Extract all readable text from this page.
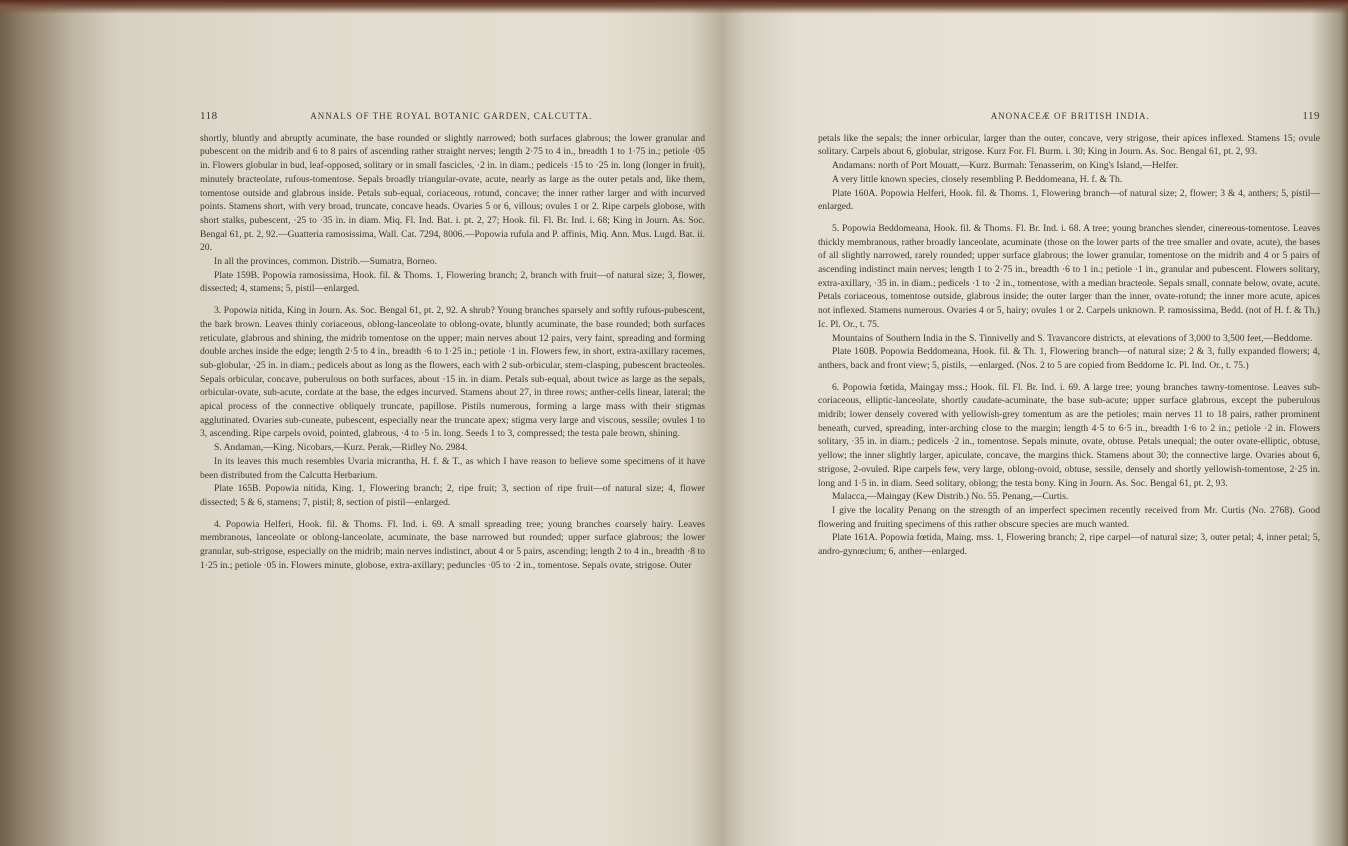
118	ANNALS OF THE ROYAL BOTANIC GARDEN, CALCUTTA.

shortly, bluntly and abruptly acuminate, the base rounded or slightly narrowed; both surfaces glabrous; the lower granular and pubescent on the midrib and 6 to 8 pairs of ascending rather straight nerves; length 2·75 to 4 in., breadth 1 to 1·75 in.; petiole ·05 in. Flowers globular in bud, leaf-opposed, solitary or in small fascicles, ·2 in. in diam.; pedicels ·15 to ·25 in. long (longer in fruit), minutely bracteolate, rufous-tomentose. Sepals broadly triangular-ovate, acute, nearly as large as the outer petals and, like them, tomentose outside and glabrous inside. Petals sub-equal, coriaceous, rotund, concave; the inner rather larger and with incurved points. Stamens short, with very broad, truncate, concave heads. Ovaries 5 or 6, villous; ovules 1 or 2. Ripe carpels globose, with short stalks, pubescent, ·25 to ·35 in. in diam. Miq. Fl. Ind. Bat. i. pt. 2, 27; Hook. fil. Fl. Br. Ind. i. 68; King in Journ. As. Soc. Bengal 61, pt. 2, 92.—Guatteria ramosissima, Wall. Cat. 7294, 8006.—Popowia rufula and P. affinis, Miq. Ann. Mus. Lugd. Bat. ii. 20.

In all the provinces, common. Distrib.—Sumatra, Borneo.

Plate 159B. Popowia ramosissima, Hook. fil. & Thoms. 1, Flowering branch; 2, branch with fruit—of natural size; 3, flower, dissected; 4, stamens; 5, pistil—enlarged.

3. Popowia nitida, King in Journ. As. Soc. Bengal 61, pt. 2, 92. A shrub? Young branches sparsely and softly rufous-pubescent, the bark brown. Leaves thinly coriaceous, oblong-lanceolate to oblong-ovate, bluntly acuminate, the base rounded; both surfaces reticulate, glabrous and shining, the midrib tomentose on the upper; main nerves about 12 pairs, very faint, spreading and forming double arches inside the edge; length 2·5 to 4 in., breadth ·6 to 1·25 in.; petiole ·1 in. Flowers few, in short, extra-axillary racemes, sub-globular, ·25 in. in diam.; pedicels about as long as the flowers, each with 2 sub-orbicular, stem-clasping, pubescent bracteoles. Sepals orbicular, concave, puberulous on both surfaces, about ·15 in. in diam. Petals sub-equal, about twice as large as the sepals, orbicular-ovate, sub-acute, cordate at the base, the edges incurved. Stamens about 27, in three rows; anther-cells linear, lateral; the apical process of the connective obliquely truncate, papillose. Pistils numerous, forming a large mass with their stigmas agglutinated. Ovaries sub-cuneate, pubescent, especially near the truncate apex; stigma very large and viscous, sessile; ovules 1 to 3, ascending. Ripe carpels ovoid, pointed, glabrous, ·4 to ·5 in. long. Seeds 1 to 3, compressed; the testa pale brown, shining.

S. Andaman,—King. Nicobars,—Kurz. Perak,—Ridley No. 2984.

In its leaves this much resembles Uvaria micrantha, H. f. & T., as which I have reason to believe some specimens of it have been distributed from the Calcutta Herbarium.

Plate 165B. Popowia nitida, King. 1, Flowering branch; 2, ripe fruit; 3, section of ripe fruit—of natural size; 4, flower dissected; 5 & 6, stamens; 7, pistil; 8, section of pistil—enlarged.

4. Popowia Helferi, Hook. fil. & Thoms. Fl. Ind. i. 69. A small spreading tree; young branches coarsely hairy. Leaves membranous, lanceolate or oblong-lanceolate, acuminate, the base narrowed but rounded; upper surface glabrous; the lower granular, sub-strigose, especially on the midrib; main nerves indistinct, about 4 or 5 pairs, ascending; length 2 to 4 in., breadth ·8 to 1·25 in.; petiole ·05 in. Flowers minute, globose, extra-axillary; peduncles ·05 to ·2 in., tomentose. Sepals ovate, strigose. Outer

ANONACEÆ OF BRITISH INDIA.	119

petals like the sepals; the inner orbicular, larger than the outer, concave, very strigose, their apices inflexed. Stamens 15; ovule solitary. Carpels about 6, globular, strigose. Kurz For. Fl. Burm. i. 30; King in Journ. As. Soc. Bengal 61, pt. 2, 93.

Andamans: north of Port Mouatt,—Kurz. Burmah: Tenasserim, on King's Island,—Helfer.

A very little known species, closely resembling P. Beddomeana, H. f. & Th.

Plate 160A. Popowia Helferi, Hook. fil. & Thoms. 1, Flowering branch—of natural size; 2, flower; 3 & 4, anthers; 5, pistil—enlarged.

5. Popowia Beddomeana, Hook. fil. & Thoms. Fl. Br. Ind. i. 68. A tree; young branches slender, cinereous-tomentose. Leaves thickly membranous, rather broadly lanceolate, acuminate (those on the lower parts of the tree smaller and ovate, acute), the bases of all slightly narrowed, rarely rounded; upper surface glabrous; the lower granular, tomentose on the midrib and 4 or 5 pairs of ascending indistinct main nerves; length 1 to 2·75 in., breadth ·6 to 1 in.; petiole ·1 in., granular and pubescent. Flowers solitary, extra-axillary, ·35 in. in diam.; pedicels ·1 to ·2 in., tomentose, with a median bracteole. Sepals small, connate below, ovate, acute. Petals coriaceous, tomentose outside, glabrous inside; the outer larger than the inner, ovate-rotund; the inner more acute, apices not inflexed. Stamens numerous. Ovaries 4 or 5, hairy; ovules 1 or 2. Carpels unknown. P. ramosissima, Bedd. (not of H. f. & Th.) Ic. Pl. Or., t. 75.

Mountains of Southern India in the S. Tinnivelly and S. Travancore districts, at elevations of 3,000 to 3,500 feet,—Beddome.

Plate 160B. Popowia Beddomeana, Hook. fil. & Th. 1, Flowering branch—of natural size; 2 & 3, fully expanded flowers; 4, anthers, back and front view; 5, pistils, —enlarged. (Nos. 2 to 5 are copied from Beddome Ic. Pl. Ind. Or., t. 75.)

6. Popowia fœtida, Maingay mss.; Hook. fil. Fl. Br. Ind. i. 69. A large tree; young branches tawny-tomentose. Leaves sub-coriaceous, elliptic-lanceolate, shortly caudate-acuminate, the base sub-acute; upper surface glabrous, except the puberulous midrib; lower densely covered with yellowish-grey tomentum as are the petioles; main nerves 11 to 18 pairs, rather prominent beneath, curved, spreading, inter-arching close to the margin; length 4·5 to 6·5 in., breadth 1·6 to 2 in.; petiole ·2 in. Flowers solitary, ·35 in. in diam.; pedicels ·2 in., tomentose. Sepals minute, ovate, obtuse. Petals unequal; the outer ovate-elliptic, obtuse, yellow; the inner slightly larger, apiculate, concave, the margins thick. Stamens about 30; the connective large. Ovaries about 6, strigose, 2-ovuled. Ripe carpels few, very large, oblong-ovoid, obtuse, sessile, densely and shortly yellowish-tomentose, 2·25 in. long and 1·5 in. in diam. Seed solitary, oblong; the testa bony. King in Journ. As. Soc. Bengal 61, pt. 2, 93.

Malacca,—Maingay (Kew Distrib.) No. 55. Penang,—Curtis.

I give the locality Penang on the strength of an imperfect specimen recently received from Mr. Curtis (No. 2768). Good flowering and fruiting specimens of this rather obscure species are much wanted.

Plate 161A. Popowia fœtida, Maing. mss. 1, Flowering branch; 2, ripe carpel—of natural size; 3, outer petal; 4, inner petal; 5, andro-gynœcium; 6, anther—enlarged.
